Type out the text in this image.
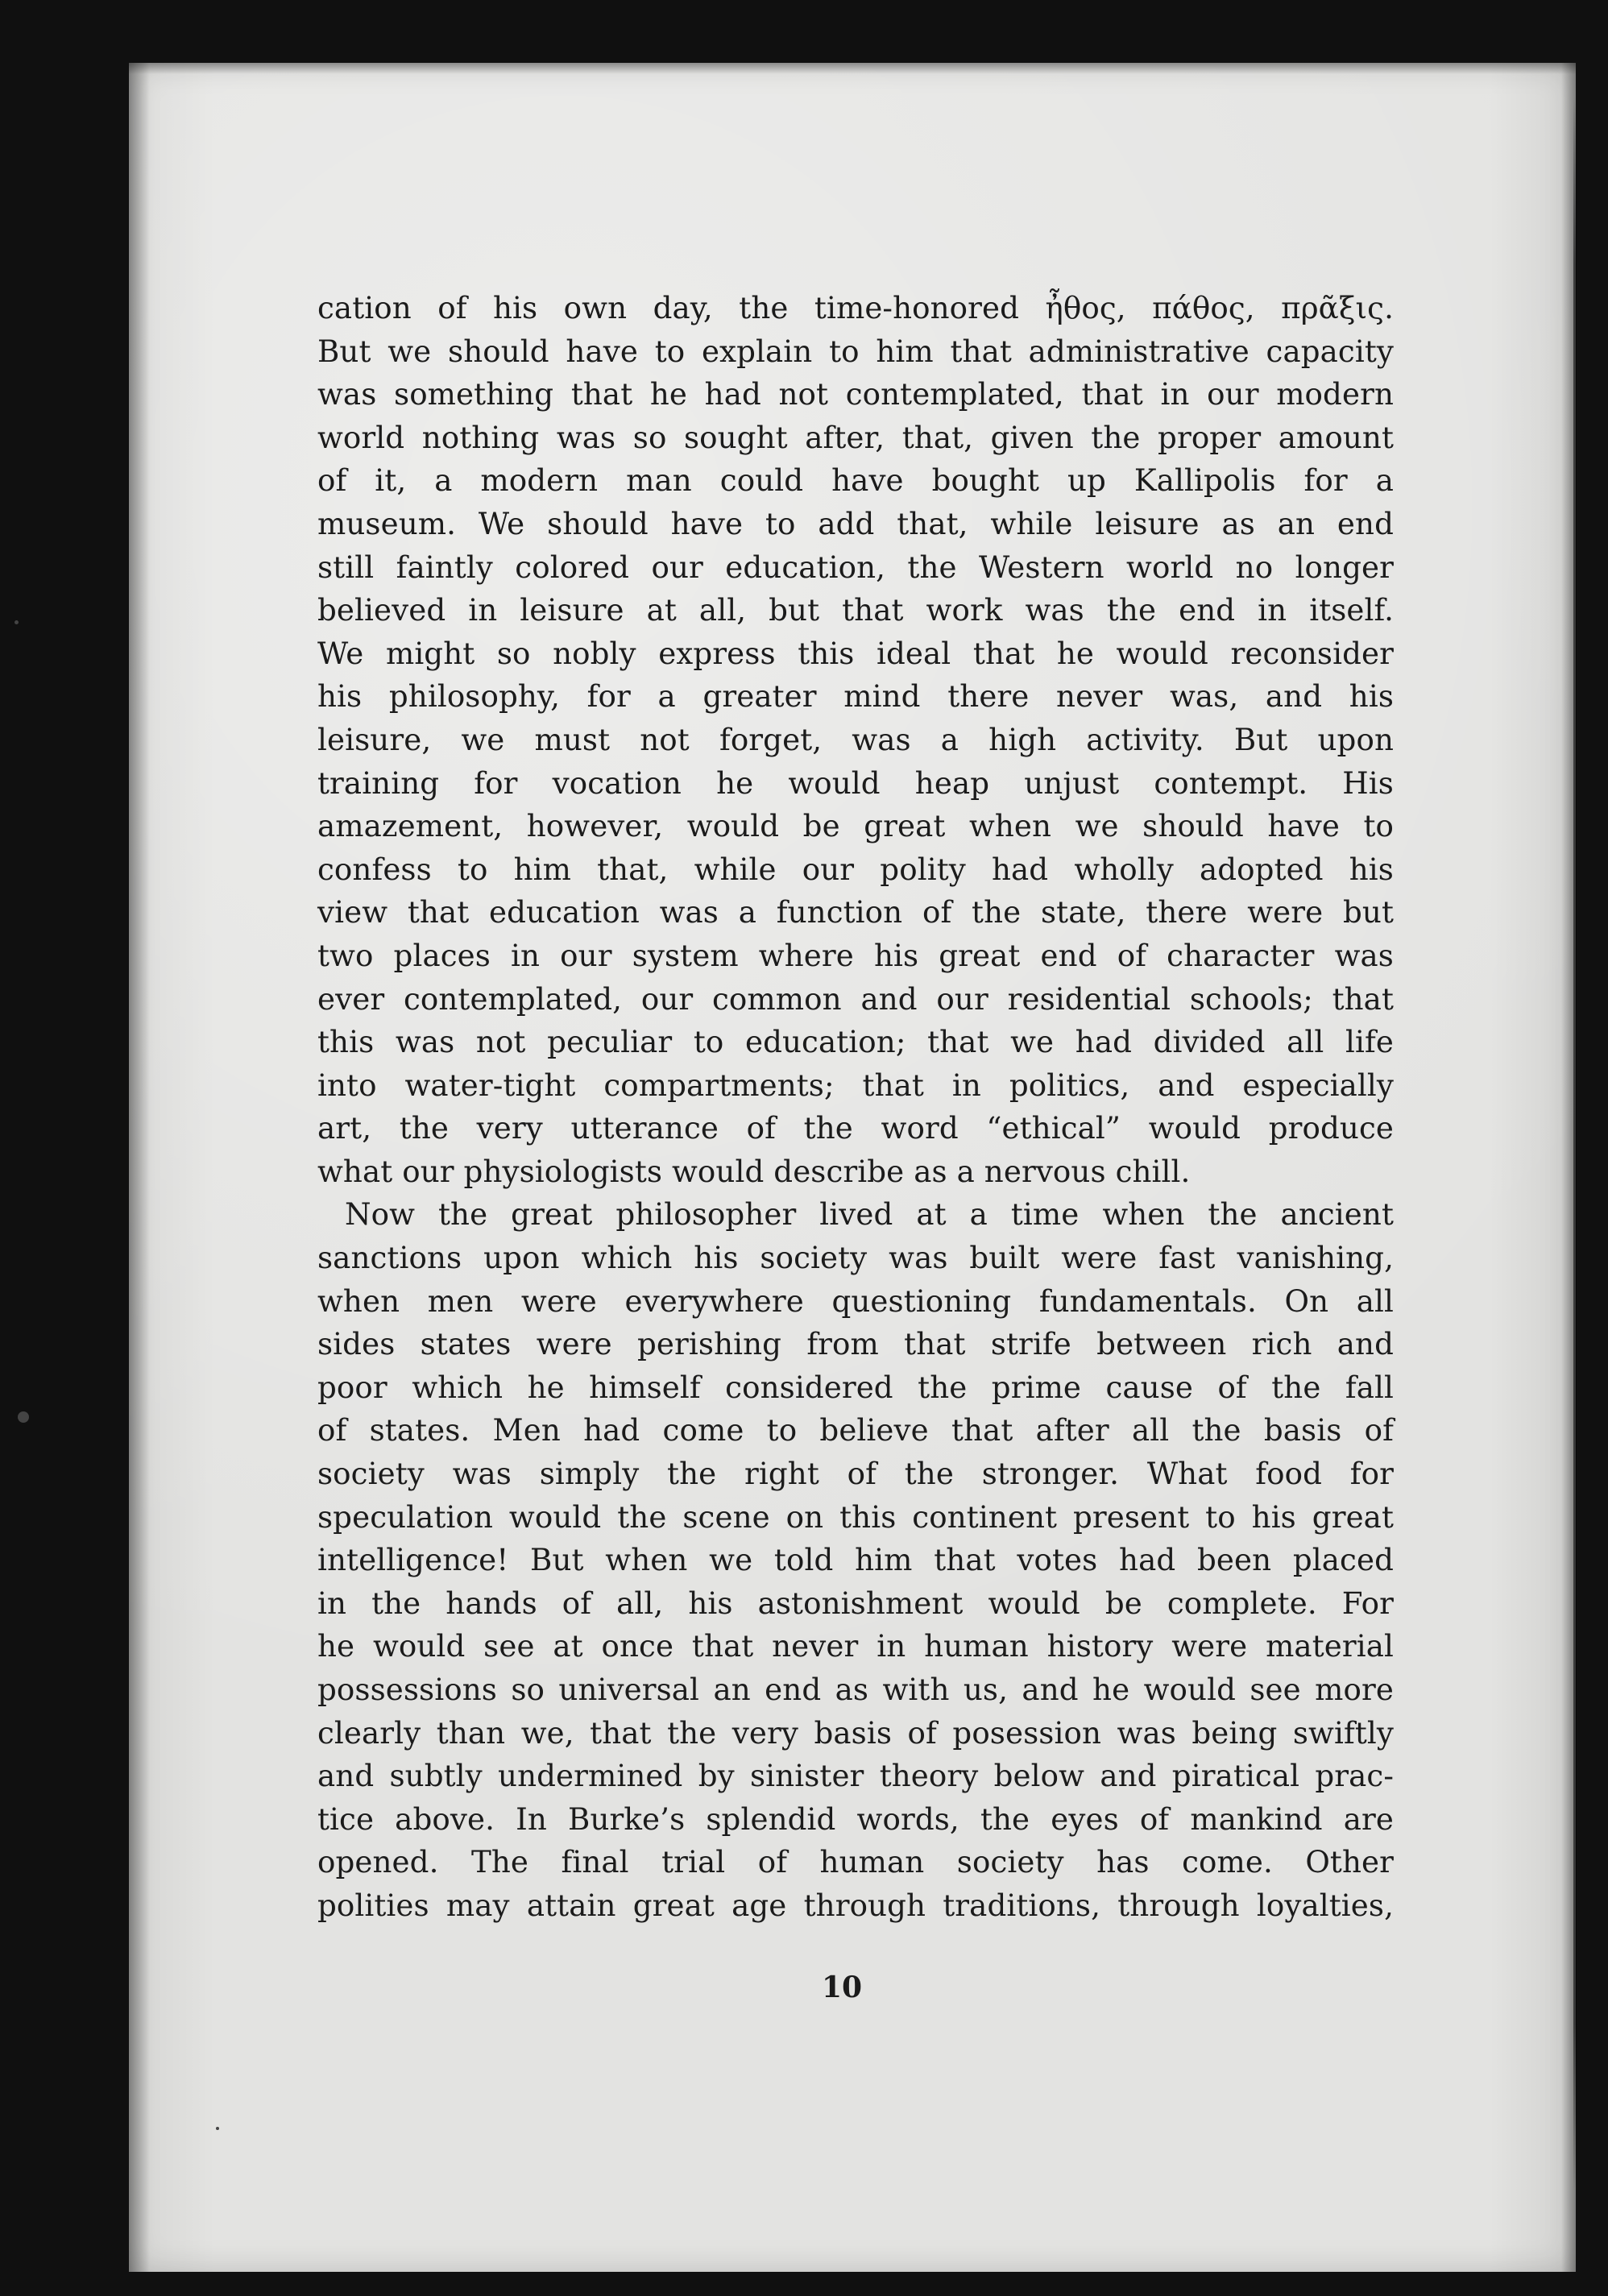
cation of his own day, the time-honored ἦθος, πάθος, πρᾶξις.
But we should have to explain to him that administrative capacity
was something that he had not contemplated, that in our modern
world nothing was so sought after, that, given the proper amount
of it, a modern man could have bought up Kallipolis for a
museum. We should have to add that, while leisure as an end
still faintly colored our education, the Western world no longer
believed in leisure at all, but that work was the end in itself.
We might so nobly express this ideal that he would reconsider
his philosophy, for a greater mind there never was, and his
leisure, we must not forget, was a high activity. But upon
training for vocation he would heap unjust contempt. His
amazement, however, would be great when we should have to
confess to him that, while our polity had wholly adopted his
view that education was a function of the state, there were but
two places in our system where his great end of character was
ever contemplated, our common and our residential schools; that
this was not peculiar to education; that we had divided all life
into water-tight compartments; that in politics, and especially
art, the very utterance of the word “ethical” would produce
what our physiologists would describe as a nervous chill.
Now the great philosopher lived at a time when the ancient
sanctions upon which his society was built were fast vanishing,
when men were everywhere questioning fundamentals. On all
sides states were perishing from that strife between rich and
poor which he himself considered the prime cause of the fall
of states. Men had come to believe that after all the basis of
society was simply the right of the stronger. What food for
speculation would the scene on this continent present to his great
intelligence! But when we told him that votes had been placed
in the hands of all, his astonishment would be complete. For
he would see at once that never in human history were material
possessions so universal an end as with us, and he would see more
clearly than we, that the very basis of posession was being swiftly
and subtly undermined by sinister theory below and piratical prac-
tice above. In Burke’s splendid words, the eyes of mankind are
opened. The final trial of human society has come. Other
polities may attain great age through traditions, through loyalties,
10
